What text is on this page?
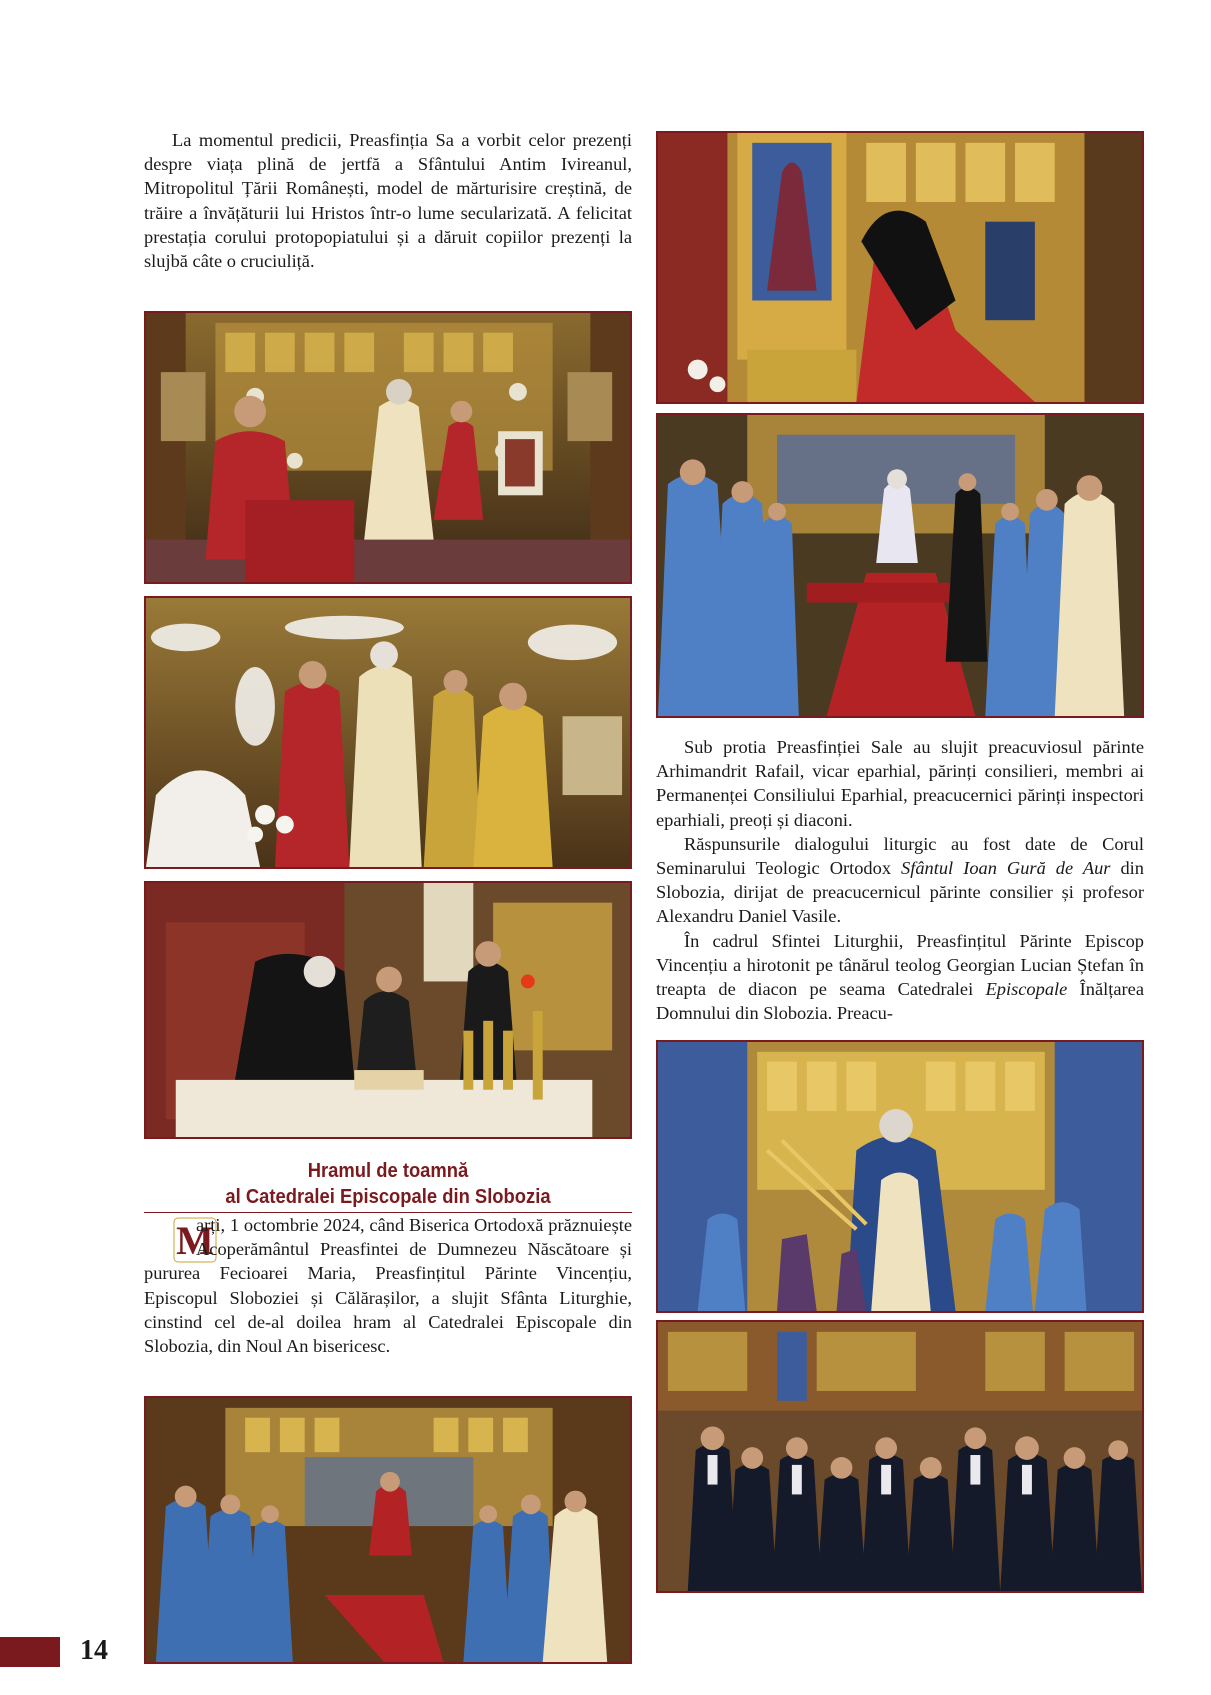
La momentul predicii, Preasfinția Sa a vorbit celor prezenți despre viața plină de jertfă a Sfântului Antim Ivireanul, Mitropolitul Țării Românești, model de mărturisire creștină, de trăire a învățăturii lui Hristos într-o lume secularizată. A felicitat prestația corului protopopiatului și a dăruit copiilor prezenți la slujbă câte o cruciuliță.

Hramul de toamnă
al Catedralei Episcopale din Slobozia
M

arți, 1 octombrie 2024, când Biserica Ortodoxă prăznuiește Acoperământul Preasfintei de Dumnezeu Născătoare și pururea Fecioarei Maria, Preasfințitul Părinte Vincențiu, Episcopul Sloboziei și Călărașilor, a slujit Sfânta Liturghie, cinstind cel de-al doilea hram al Catedralei Episcopale din Slobozia, din Noul An bisericesc.

Sub protia Preasfinției Sale au slujit preacuviosul părinte Arhimandrit Rafail, vicar eparhial, părinți consilieri, membri ai Permanenței Consiliului Eparhial, preacucernici părinți inspectori eparhiali, preoți și diaconi.

Răspunsurile dialogului liturgic au fost date de Corul Seminarului Teologic Ortodox Sfântul Ioan Gură de Aur din Slobozia, dirijat de preacucernicul părinte consilier și profesor Alexandru Daniel Vasile.

În cadrul Sfintei Liturghii, Preasfințitul Părinte Episcop Vincențiu a hirotonit pe tânărul teolog Georgian Lucian Ștefan în treapta de diacon pe seama Catedralei Episcopale Înălțarea Domnului din Slobozia. Preacu-

14
